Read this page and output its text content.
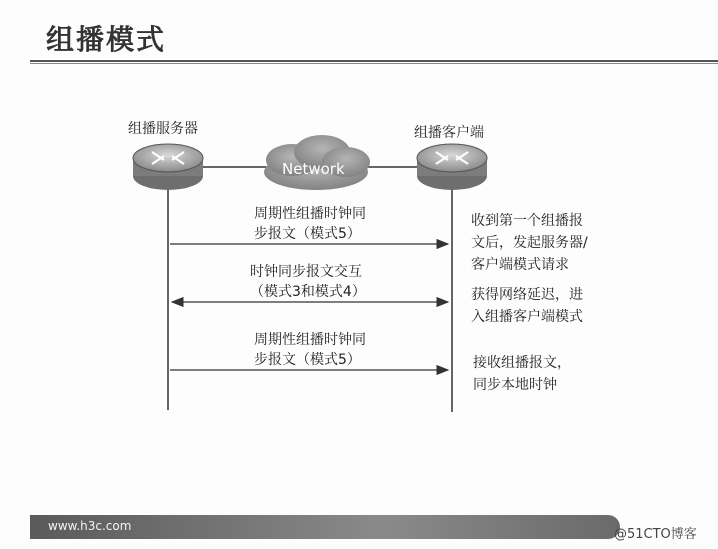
组播模式
组播服务器	组播客户端
Network
周期性组播时钟同
步报文（模式5）
时钟同步报文交互
（模式3和模式4）
周期性组播时钟同
步报文（模式5）
收到第一个组播报
文后，发起服务器/
客户端模式请求
获得网络延迟，进
入组播客户端模式
接收组播报文，
同步本地时钟
www.h3c.com
@51CTO博客
